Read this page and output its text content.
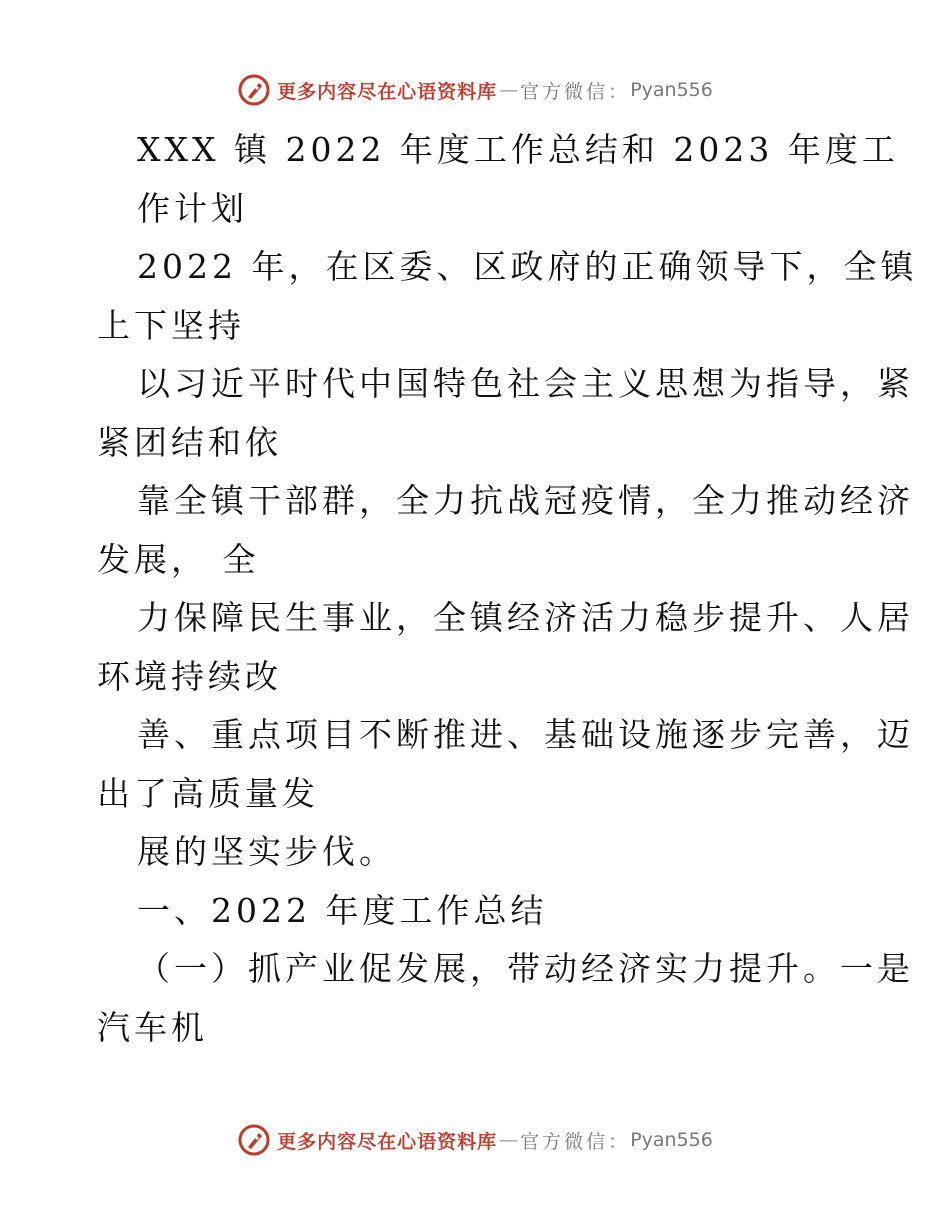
更多内容尽在心语资料库 — 官方微信： Pyan556
XXX 镇 2022 年度工作总结和 2023 年度工
作计划
2022 年，在区委、区政府的正确领导下，全镇
上下坚持
以习近平时代中国特色社会主义思想为指导，紧
紧团结和依
靠全镇干部群，全力抗战冠疫情，全力推动经济
发展， 全
力保障民生事业，全镇经济活力稳步提升、人居
环境持续改
善、重点项目不断推进、基础设施逐步完善，迈
出了高质量发
展的坚实步伐。
一、2022 年度工作总结
（一）抓产业促发展，带动经济实力提升。一是
汽车机
更多内容尽在心语资料库 — 官方微信： Pyan556
